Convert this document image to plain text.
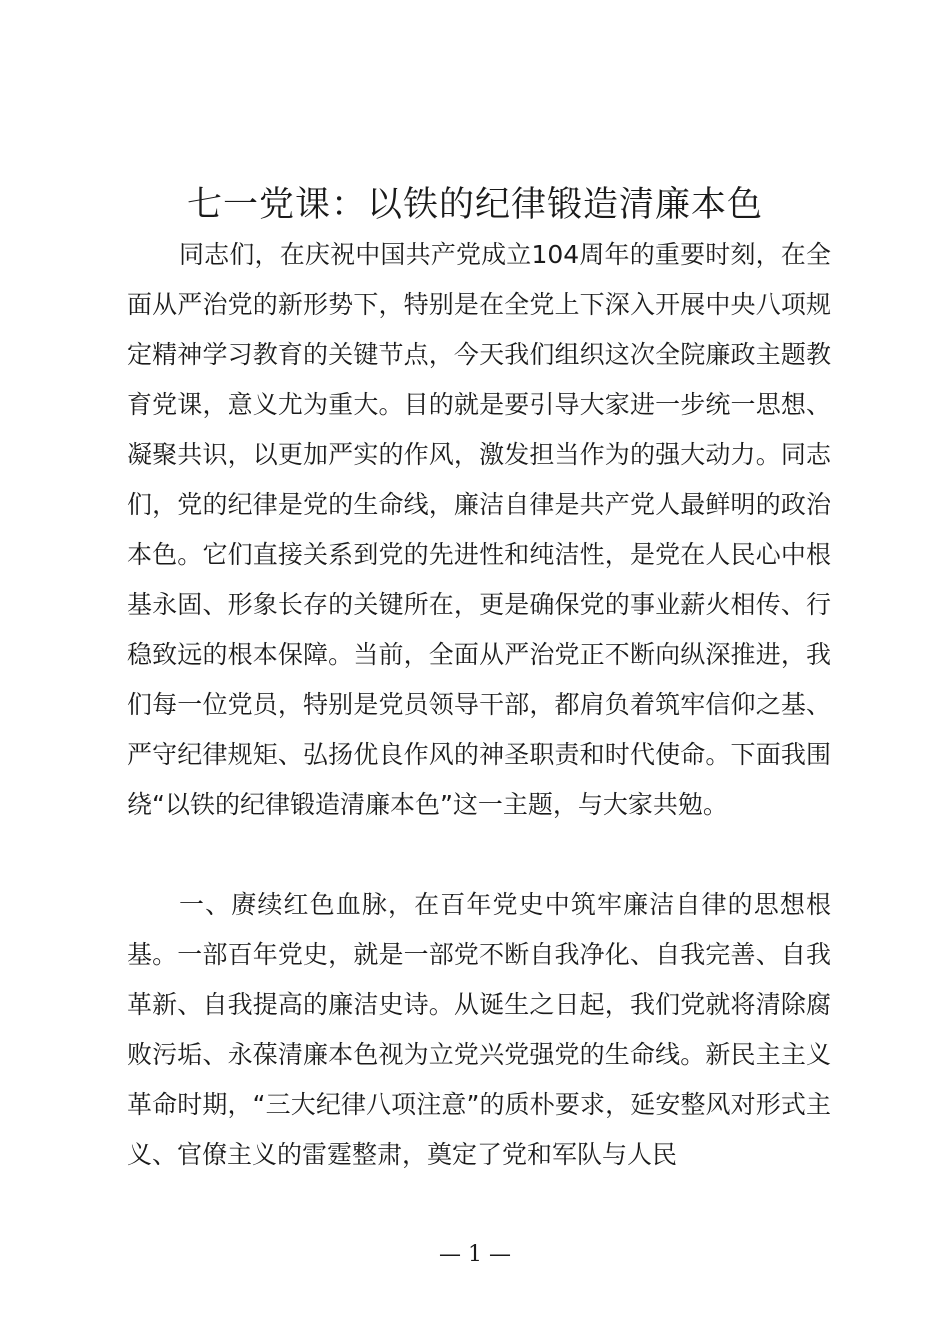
七一党课：以铁的纪律锻造清廉本色

同志们，在庆祝中国共产党成立104周年的重要时刻，在全面从严治党的新形势下，特别是在全党上下深入开展中央八项规定精神学习教育的关键节点，今天我们组织这次全院廉政主题教育党课，意义尤为重大。目的就是要引导大家进一步统一思想、凝聚共识，以更加严实的作风，激发担当作为的强大动力。同志们，党的纪律是党的生命线，廉洁自律是共产党人最鲜明的政治本色。它们直接关系到党的先进性和纯洁性，是党在人民心中根基永固、形象长存的关键所在，更是确保党的事业薪火相传、行稳致远的根本保障。当前，全面从严治党正不断向纵深推进，我们每一位党员，特别是党员领导干部，都肩负着筑牢信仰之基、严守纪律规矩、弘扬优良作风的神圣职责和时代使命。下面我围绕“以铁的纪律锻造清廉本色”这一主题，与大家共勉。

一、赓续红色血脉，在百年党史中筑牢廉洁自律的思想根基。一部百年党史，就是一部党不断自我净化、自我完善、自我革新、自我提高的廉洁史诗。从诞生之日起，我们党就将清除腐败污垢、永葆清廉本色视为立党兴党强党的生命线。新民主主义革命时期，“三大纪律八项注意”的质朴要求，延安整风对形式主义、官僚主义的雷霆整肃，奠定了党和军队与人民

— 1 —
